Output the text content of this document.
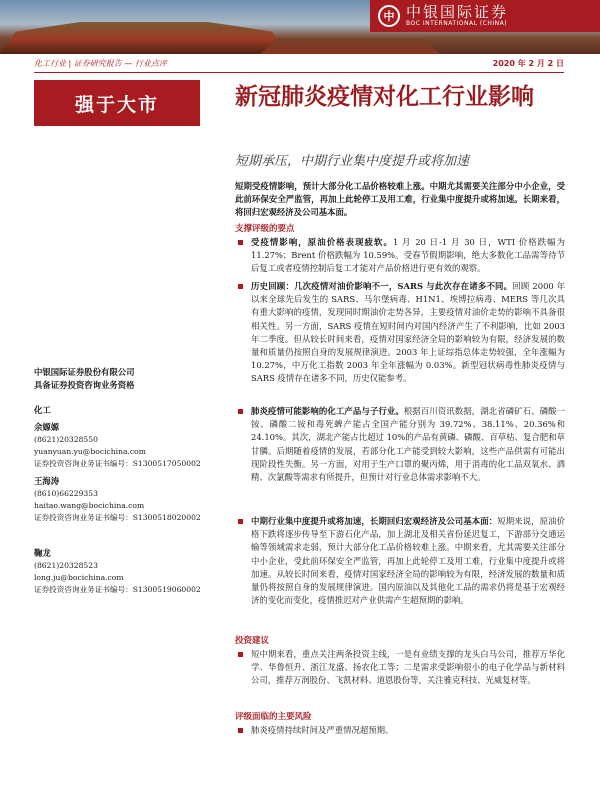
中 中银国际证券
BOC INTERNATIONAL (CHINA)
化工行业 | 证券研究报告 — 行业点评	2020 年 2 月 2 日
强于大市	新冠肺炎疫情对化工行业影响
短期承压，中期行业集中度提升或将加速
短期受疫情影响，预计大部分化工品价格较难上涨。中期尤其需要关注部分中小企业，受此前环保安全严监管，再加上此轮停工及用工难，行业集中度提升或将加速。长期来看，将回归宏观经济及公司基本面。
支撑评级的要点
受疫情影响，原油价格表现疲软。1 月 20 日-1 月 30 日，WTI 价格跌幅为 11.27%；Brent 价格跌幅为 10.59%。受春节假期影响，绝大多数化工品需等待节后复工或者疫情控制后复工才能对产品价格进行更有效的观察。
历史回顾：几次疫情对油价影响不一，SARS 与此次存在诸多不同。回顾 2000 年以来全球先后发生的 SARS、马尔堡病毒、H1N1、埃博拉病毒、MERS 等几次具有重大影响的疫情，发现同时期油价走势各异，主要疫情对油价走势的影响不具备很相关性。另一方面，SARS 疫情在短时间内对国内经济产生了不利影响，比如 2003 年二季度。但从较长时间来看，疫情对国家经济全局的影响较为有限，经济发展的数量和质量仍按照自身的发展规律演进。2003 年上证综指总体走势较强，全年涨幅为 10.27%，中万化工指数 2003 年全年涨幅为 0.03%。新型冠状病毒性肺炎疫情与 SARS 疫情存在诸多不同，历史仅能参考。
肺炎疫情可能影响的化工产品与子行业。根据百川资讯数据，湖北省磷矿石、磷酸一铵、磷酸二铵和毒死蜱产能占全国产能分别为 39.72%、38.11%、20.36%和 24.10%。其次，湖北产能占比超过 10%的产品有黄磷、磷酸、百草枯、复合肥和草甘膦。后期随着疫情的发展，若部分化工产能受到较大影响，这些产品供需有可能出现阶段性失衡。另一方面，对用于生产口罩的聚丙烯，用于消毒的化工品双氧水、酒精、次氯酸等需求有所提升，但预计对行业总体需求影响不大。
中期行业集中度提升或将加速，长期回归宏观经济及公司基本面：短期来说，原油价格下跌将逐步传导至下游石化产品，加上湖北及相关省份延迟复工，下游部分交通运输等领域需求走弱，预计大部分化工品价格较难上涨。中期来看，尤其需要关注部分中小企业，受此前环保安全严监管，再加上此轮停工及用工难，行业集中度提升或将加速。从较长时间来看，疫情对国家经济全局的影响较为有限，经济发展的数量和质量仍将按照自身的发展规律演进。国内原油以及其他化工品的需求仍将是基于宏观经济的变化而变化，疫情推迟对产业供需产生超预期的影响。
投资建议
短中期来看，重点关注两条投资主线，一是有业绩支撑的龙头白马公司，推荐万华化学、华鲁恒升、浙江龙盛、扬农化工等；二是需求受影响很小的电子化学品与新材料公司，推荐万润股份、飞凯材料、道恩股份等，关注雅克科技、光威复材等。
评级面临的主要风险
肺炎疫情持续时间及严重情况超预期。
中银国际证券股份有限公司
具备证券投资咨询业务资格
化工
余嫄嫄
(8621)20328550
yuanyuan.yu@bocichina.com
证券投资咨询业务证书编号：S1300517050002
王海涛
(8610)66229353
haitao.wang@bocichina.com
证券投资咨询业务证书编号：S1300518020002
鞠龙
(8621)20328523
long.ju@bocichina.com
证券投资咨询业务证书编号：S1300519060002
